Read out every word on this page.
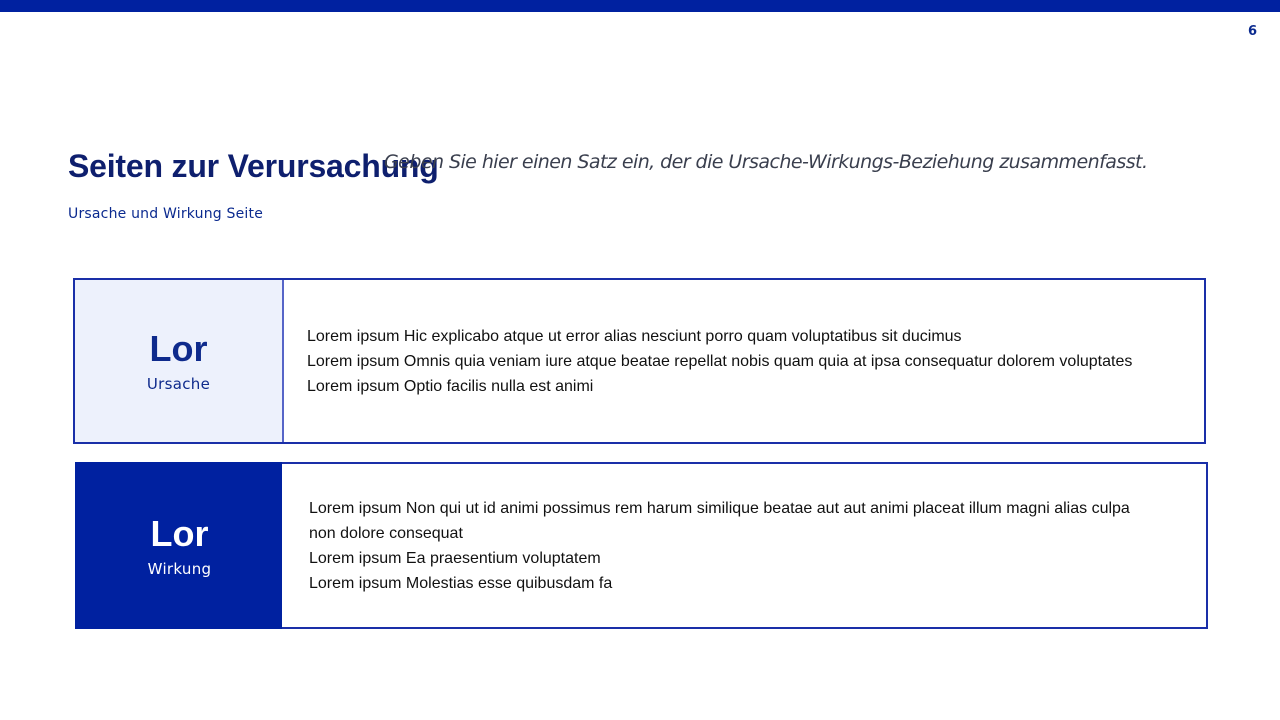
6
Seiten zur Verursachung

Geben Sie hier einen Satz ein, der die Ursache-Wirkungs-Beziehung zusammenfasst.

Ursache und Wirkung Seite

Lor
Ursache
Lorem ipsum Hic explicabo atque ut error alias nesciunt porro quam voluptatibus sit ducimus
Lorem ipsum Omnis quia veniam iure atque beatae repellat nobis quam quia at ipsa consequatur dolorem voluptates
Lorem ipsum Optio facilis nulla est animi
Lor
Wirkung
Lorem ipsum Non qui ut id animi possimus rem harum similique beatae aut aut animi placeat illum magni alias culpa non dolore consequat
Lorem ipsum Ea praesentium voluptatem
Lorem ipsum Molestias esse quibusdam fa
